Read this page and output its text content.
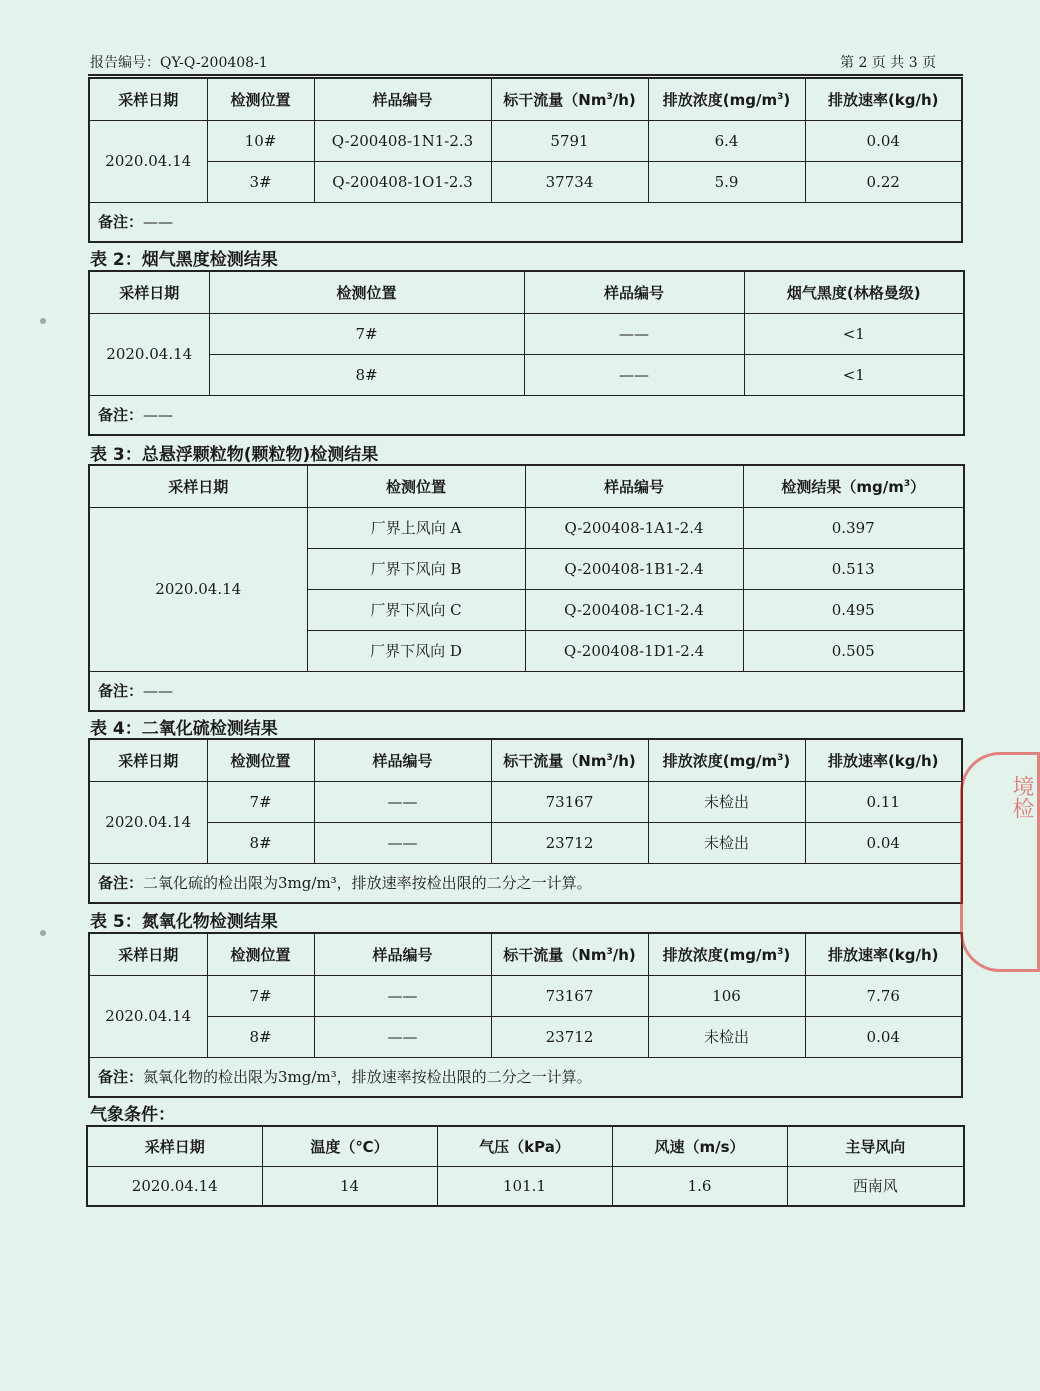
报告编号：QY-Q-200408-1	第 2 页 共 3 页
采样日期	检测位置	样品编号	标干流量（Nm$^3$/h)	排放浓度$(mg/m^3)$	排放速率(kg/h)
2020.04.14	10#	Q-200408-1N1-2.3	5791	6.4	0.04
	3#	Q-200408-1O1-2.3	37734	5.9	0.22
备注：——					
表 2：烟气黑度检测结果
采样日期	检测位置	样品编号	烟气黑度(林格曼级)
2020.04.14	7#	——	<1
	8#	——	<1
备注：——			
表 3：总悬浮颗粒物(颗粒物)检测结果
采样日期	检测位置	样品编号	检测结果$(mg/m^3)$
2020.04.14	厂界上风向 A	Q-200408-1A1-2.4	0.397
	厂界下风向 B	Q-200408-1B1-2.4	0.513
	厂界下风向 C	Q-200408-1C1-2.4	0.495
	厂界下风向 D	Q-200408-1D1-2.4	0.505
备注：——			
表 4：二氧化硫检测结果
采样日期	检测位置	样品编号	标干流量（Nm$^3$/h)	排放浓度$(mg/m^3)$	排放速率(kg/h)
2020.04.14	7#	——	73167	未检出	0.11
	8#	——	23712	未检出	0.04
备注：二氧化硫的检出限为3mg/m³，排放速率按检出限的二分之一计算。					
表 5：氮氧化物检测结果
采样日期	检测位置	样品编号	标干流量（Nm$^3$/h)	排放浓度$(mg/m^3)$	排放速率(kg/h)
2020.04.14	7#	——	73167	106	7.76
	8#	——	23712	未检出	0.04
备注：氮氧化物的检出限为3mg/m³，排放速率按检出限的二分之一计算。					
气象条件：
采样日期	温度（℃）	气压（kPa）	风速（m/s）	主导风向
2020.04.14	14	101.1	1.6	西南风
境检
